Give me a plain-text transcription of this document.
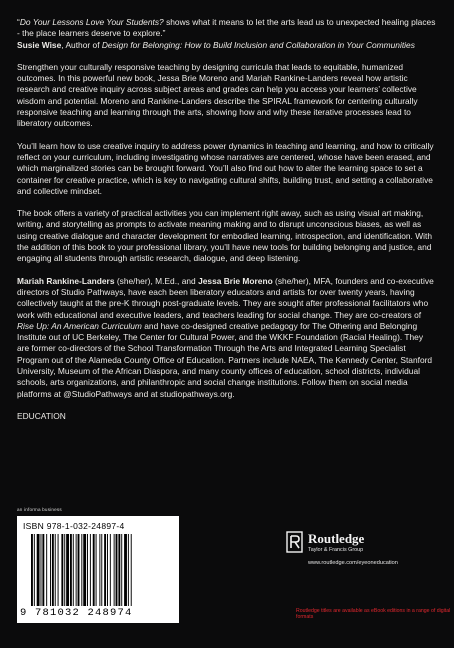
“Do Your Lessons Love Your Students? shows what it means to let the arts lead us to unexpected healing places - the place learners deserve to explore.”
Susie Wise, Author of Design for Belonging: How to Build Inclusion and Collaboration in Your Communities

Strengthen your culturally responsive teaching by designing curricula that leads to equitable, humanized outcomes. In this powerful new book, Jessa Brie Moreno and Mariah Rankine-Landers reveal how artistic research and creative inquiry across subject areas and grades can help you access your learners’ collective wisdom and potential. Moreno and Rankine-Landers describe the SPIRAL framework for centering culturally responsive teaching and learning through the arts, showing how and why these iterative processes lead to liberatory outcomes.

You’ll learn how to use creative inquiry to address power dynamics in teaching and learning, and how to critically reflect on your curriculum, including investigating whose narratives are centered, whose have been erased, and which marginalized stories can be brought forward. You’ll also find out how to alter the learning space to set a container for creative practice, which is key to navigating cultural shifts, building trust, and setting a collaborative and collective mindset.

The book offers a variety of practical activities you can implement right away, such as using visual art making, writing, and storytelling as prompts to activate meaning making and to disrupt unconscious biases, as well as using creative dialogue and character development for embodied learning, introspection, and identification. With the addition of this book to your professional library, you’ll have new tools for building belonging and justice, and engaging all students through artistic research, dialogue, and deep listening.

Mariah Rankine-Landers (she/her), M.Ed., and Jessa Brie Moreno (she/her), MFA, founders and co-executive directors of Studio Pathways, have each been liberatory educators and artists for over twenty years, having collectively taught at the pre-K through post-graduate levels. They are sought after professional facilitators who work with educational and executive leaders, and teachers leading for social change. They are co-creators of Rise Up: An American Curriculum and have co-designed creative pedagogy for The Othering and Belonging Institute out of UC Berkeley, The Center for Cultural Power, and the WKKF Foundation (Racial Healing). They are former co-directors of the School Transformation Through the Arts and Integrated Learning Specialist Program out of the Alameda County Office of Education. Partners include NAEA, The Kennedy Center, Stanford University, Museum of the African Diaspora, and many county offices of education, school districts, individual schools, arts organizations, and philanthropic and social change institutions. Follow them on social media platforms at @StudioPathways and at studiopathways.org.

EDUCATION

an informa business
ISBN 978-1-032-24897-4
9 781032 248974
Routledge
Taylor & Francis Group
www.routledge.com/eyeoneducation
Routledge titles are available as eBook editions in a range of digital formats
